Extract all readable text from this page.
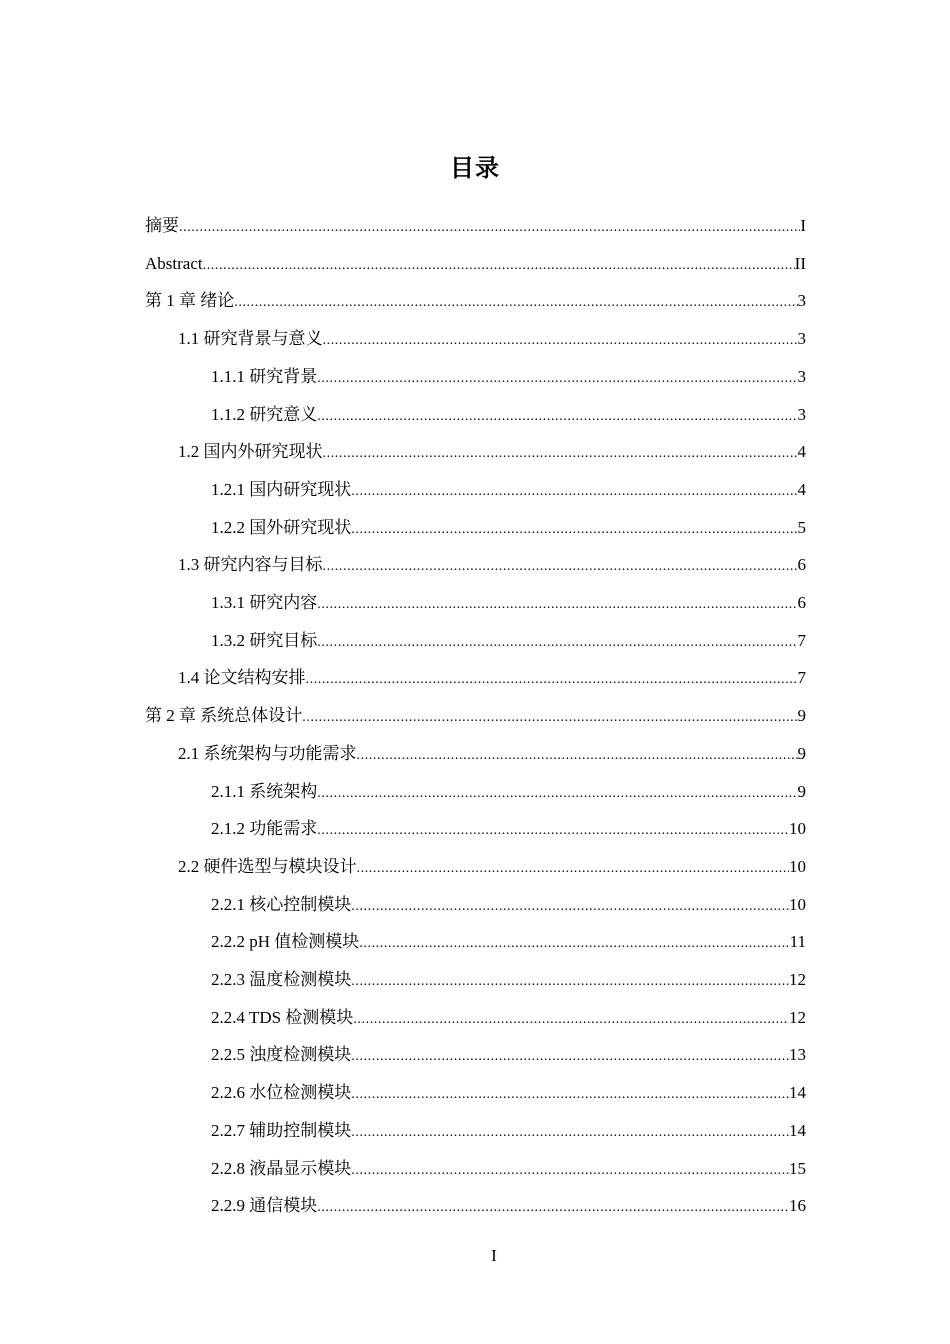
目录
摘要 .....	I
Abstract .....	II
第 1 章 绪论 .....	3
1.1 研究背景与意义 .....	3
1.1.1 研究背景 .....	3
1.1.2 研究意义 .....	3
1.2 国内外研究现状 .....	4
1.2.1 国内研究现状 .....	4
1.2.2 国外研究现状 .....	5
1.3 研究内容与目标 .....	6
1.3.1 研究内容 .....	6
1.3.2 研究目标 .....	7
1.4 论文结构安排 .....	7
第 2 章 系统总体设计 .....	9
2.1 系统架构与功能需求 .....	9
2.1.1 系统架构 .....	9
2.1.2 功能需求 .....	10
2.2 硬件选型与模块设计 .....	10
2.2.1 核心控制模块 .....	10
2.2.2 pH 值检测模块 .....	11
2.2.3 温度检测模块 .....	12
2.2.4 TDS 检测模块 .....	12
2.2.5 浊度检测模块 .....	13
2.2.6 水位检测模块 .....	14
2.2.7 辅助控制模块 .....	14
2.2.8 液晶显示模块 .....	15
2.2.9 通信模块 .....	16
I
